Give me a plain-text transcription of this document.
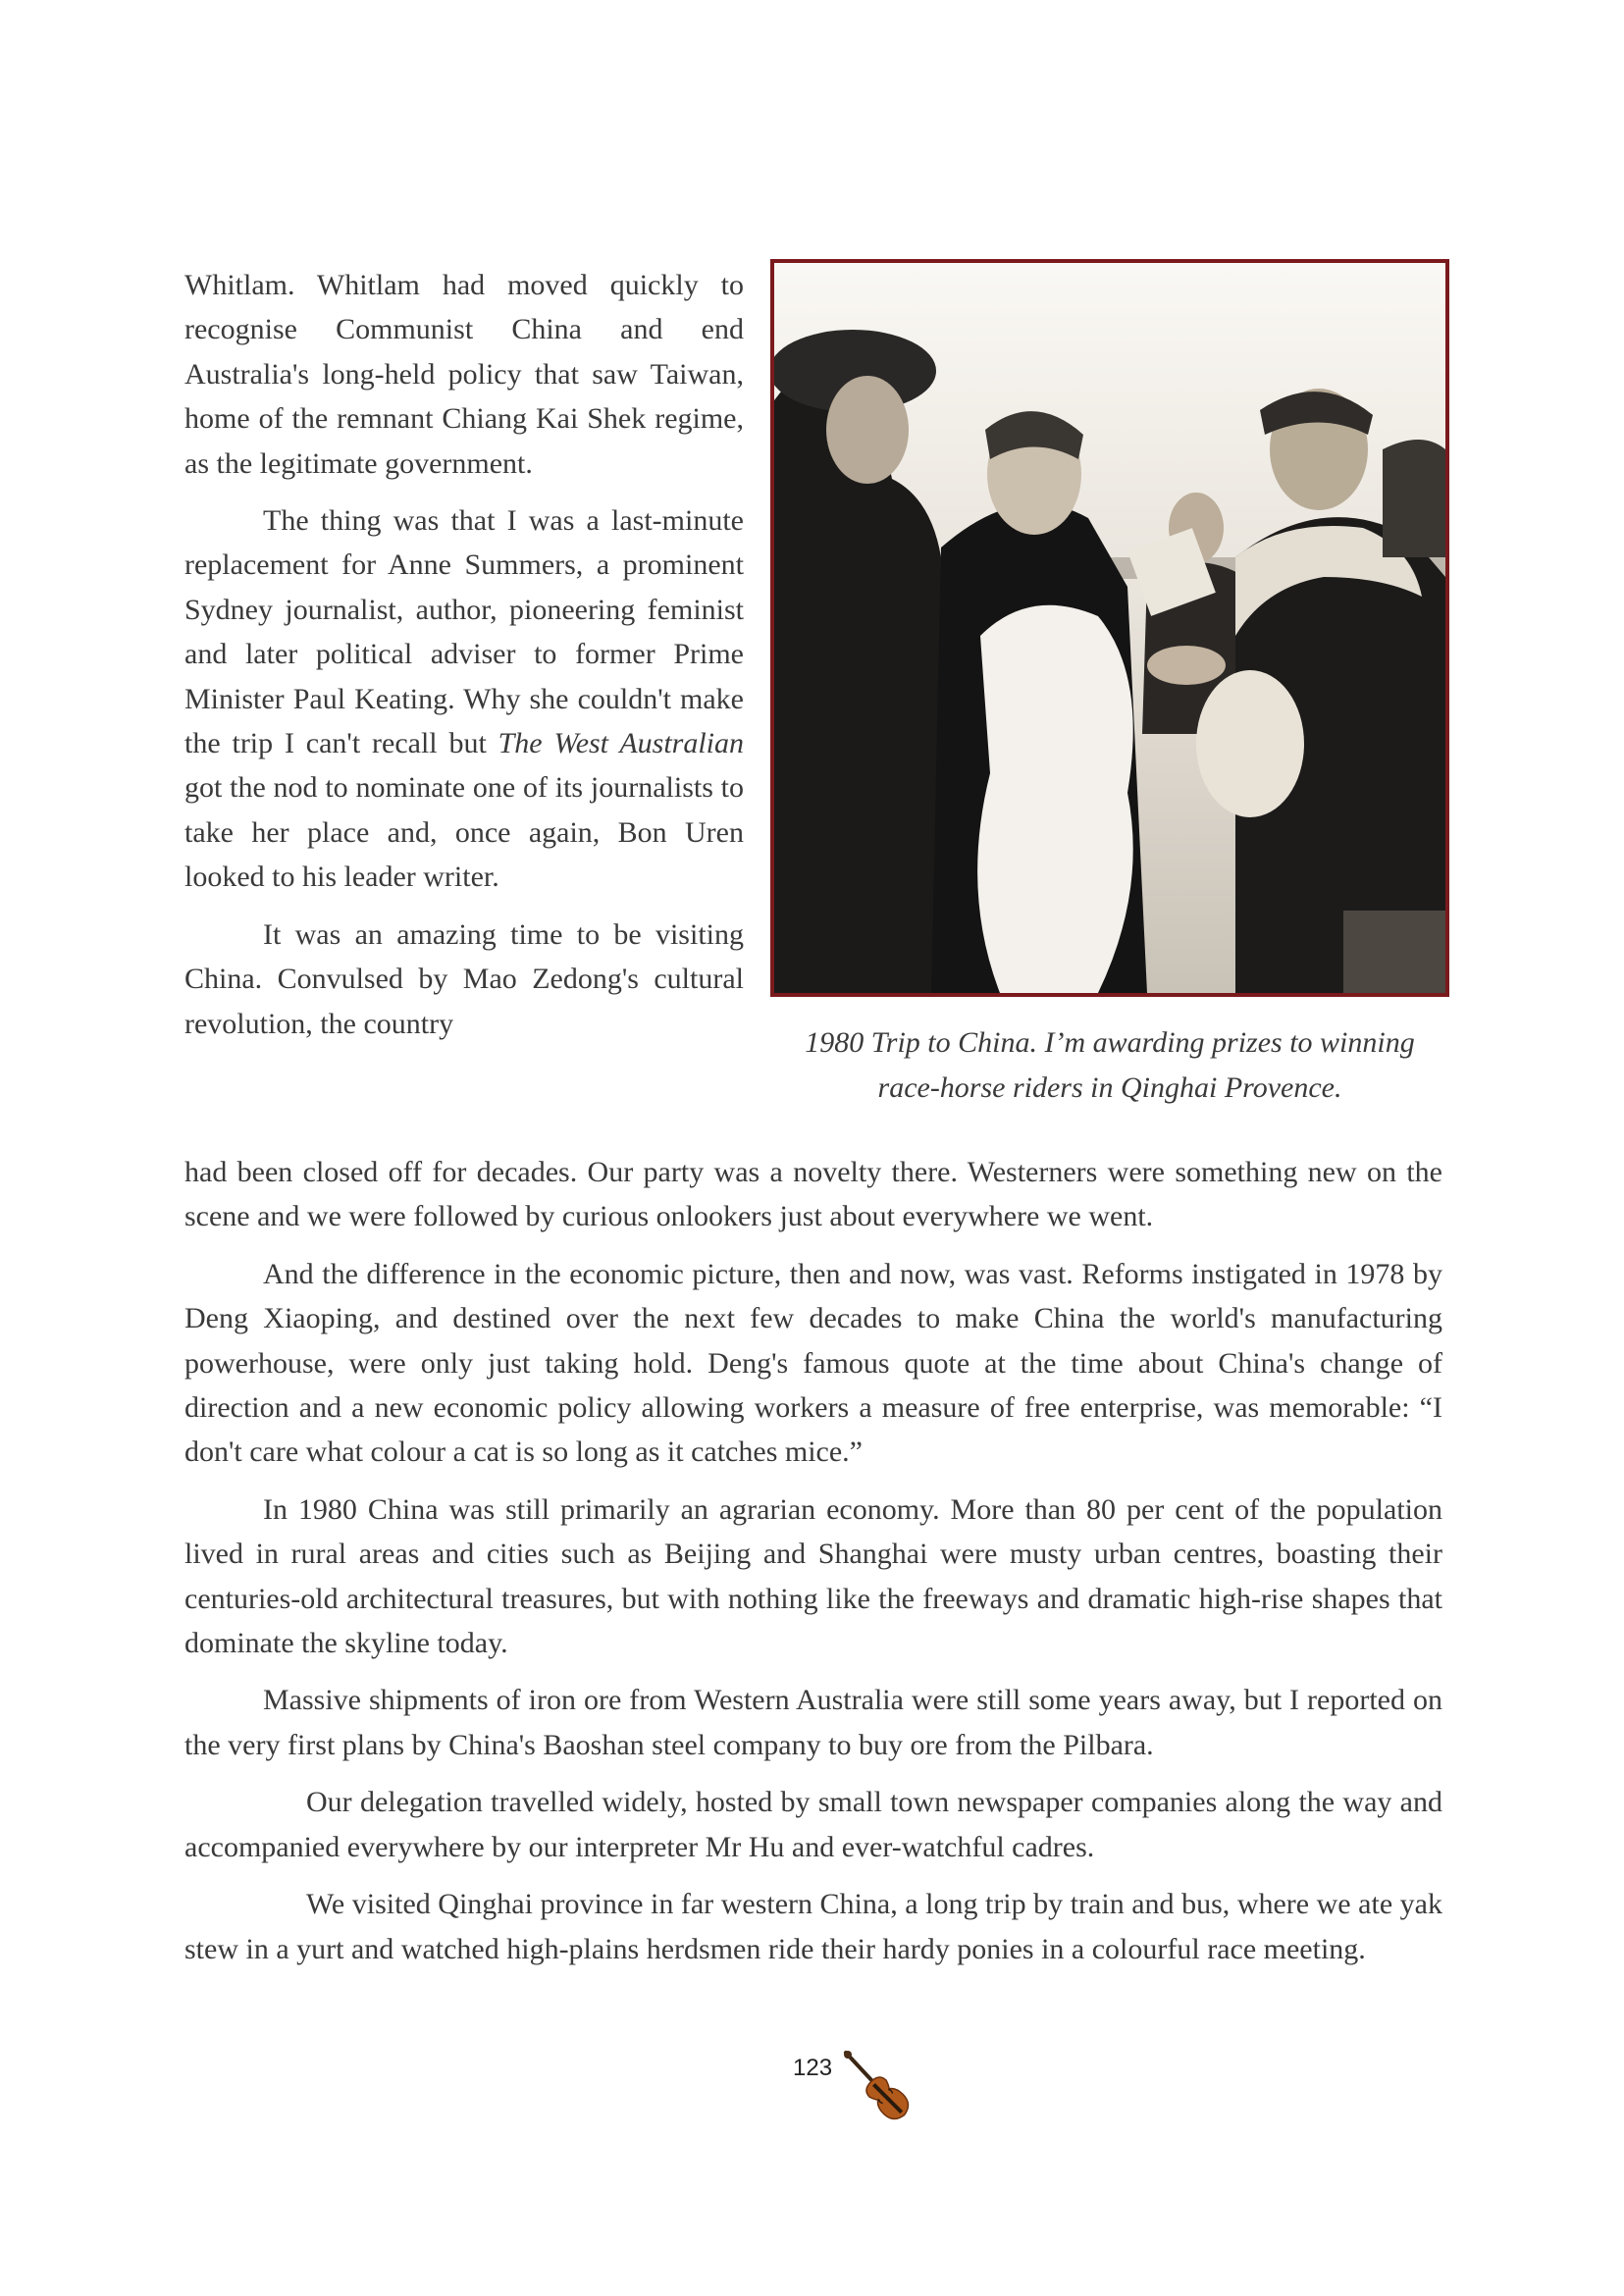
Whitlam. Whitlam had moved quickly to recognise Communist China and end Australia's long-held policy that saw Taiwan, home of the remnant Chiang Kai Shek regime, as the legitimate government.

The thing was that I was a last-minute replacement for Anne Summers, a prominent Sydney journalist, author, pioneering feminist and later political adviser to former Prime Minister Paul Keating. Why she couldn't make the trip I can't recall but The West Australian got the nod to nominate one of its journalists to take her place and, once again, Bon Uren looked to his leader writer.

It was an amazing time to be visiting China. Convulsed by Mao Zedong's cultural revolution, the country

1980 Trip to China. I’m awarding prizes to winning race-horse riders in Qinghai Provence.

had been closed off for decades. Our party was a novelty there. Westerners were something new on the scene and we were followed by curious onlookers just about everywhere we went.

And the difference in the economic picture, then and now, was vast. Reforms instigated in 1978 by Deng Xiaoping, and destined over the next few decades to make China the world's manufacturing powerhouse, were only just taking hold. Deng's famous quote at the time about China's change of direction and a new economic policy allowing workers a measure of free enterprise, was memorable: “I don't care what colour a cat is so long as it catches mice.”

In 1980 China was still primarily an agrarian economy. More than 80 per cent of the population lived in rural areas and cities such as Beijing and Shanghai were musty urban centres, boasting their centuries-old architectural treasures, but with nothing like the freeways and dramatic high-rise shapes that dominate the skyline today.

Massive shipments of iron ore from Western Australia were still some years away, but I reported on the very first plans by China's Baoshan steel company to buy ore from the Pilbara.

Our delegation travelled widely, hosted by small town newspaper companies along the way and accompanied everywhere by our interpreter Mr Hu and ever-watchful cadres.

We visited Qinghai province in far western China, a long trip by train and bus, where we ate yak stew in a yurt and watched high-plains herdsmen ride their hardy ponies in a colourful race meeting.

123
